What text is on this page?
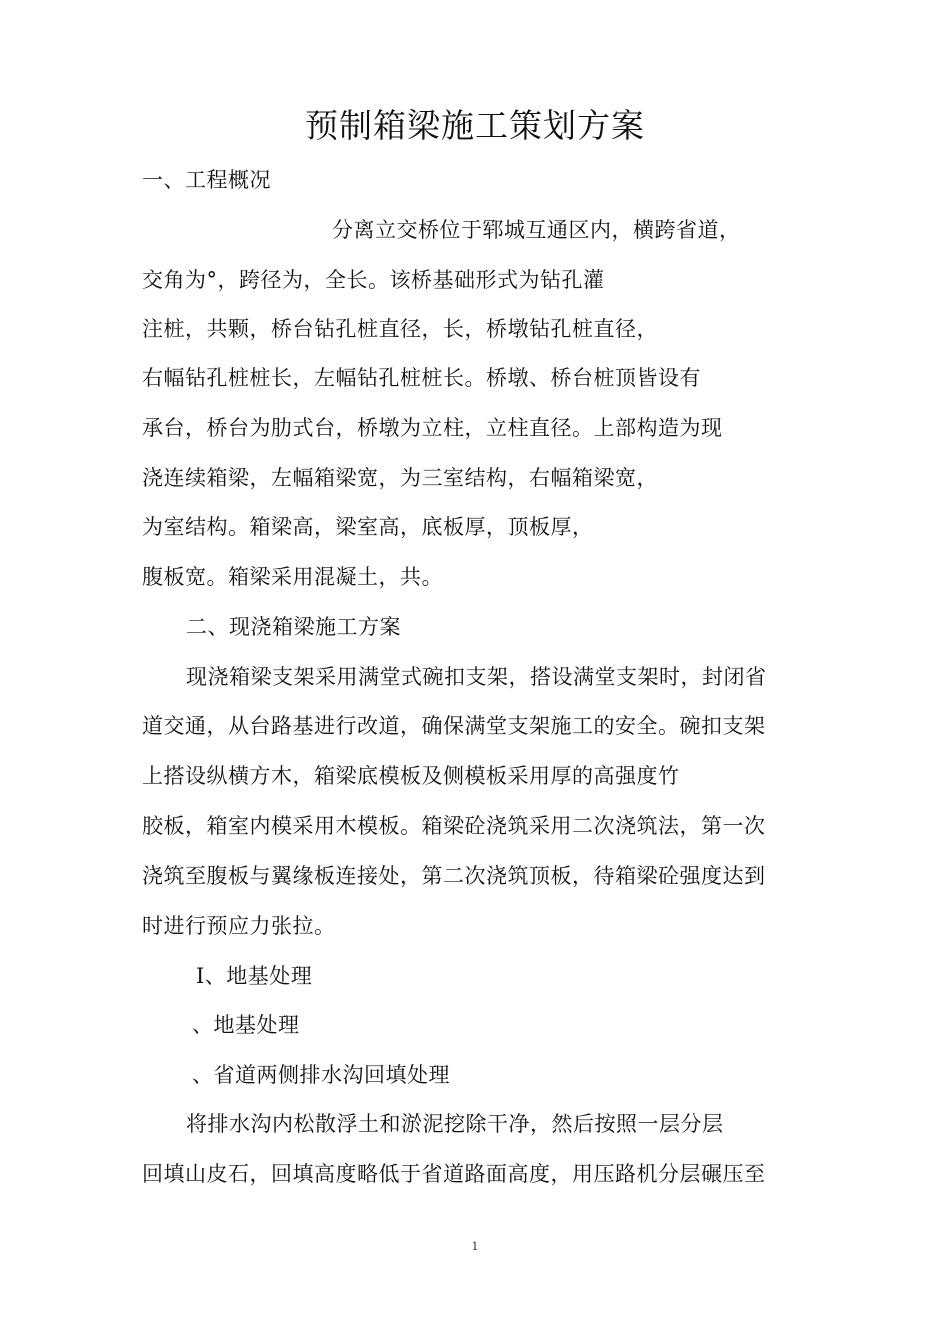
预制箱梁施工策划方案
一、工程概况
分离立交桥位于郓城互通区内，横跨省道，
交角为°，跨径为，全长。该桥基础形式为钻孔灌
注桩，共颗，桥台钻孔桩直径，长，桥墩钻孔桩直径，
右幅钻孔桩桩长，左幅钻孔桩桩长。桥墩、桥台桩顶皆设有
承台，桥台为肋式台，桥墩为立柱，立柱直径。上部构造为现
浇连续箱梁，左幅箱梁宽，为三室结构，右幅箱梁宽，
为室结构。箱梁高，梁室高，底板厚，顶板厚，
腹板宽。箱梁采用混凝土，共。
二、现浇箱梁施工方案
现浇箱梁支架采用满堂式碗扣支架，搭设满堂支架时，封闭省
道交通，从台路基进行改道，确保满堂支架施工的安全。碗扣支架
上搭设纵横方木，箱梁底模板及侧模板采用厚的高强度竹
胶板，箱室内模采用木模板。箱梁砼浇筑采用二次浇筑法，第一次
浇筑至腹板与翼缘板连接处，第二次浇筑顶板，待箱梁砼强度达到
时进行预应力张拉。
Ⅰ、地基处理
、地基处理
、省道两侧排水沟回填处理
将排水沟内松散浮土和淤泥挖除干净，然后按照一层分层
回填山皮石，回填高度略低于省道路面高度，用压路机分层碾压至
1
